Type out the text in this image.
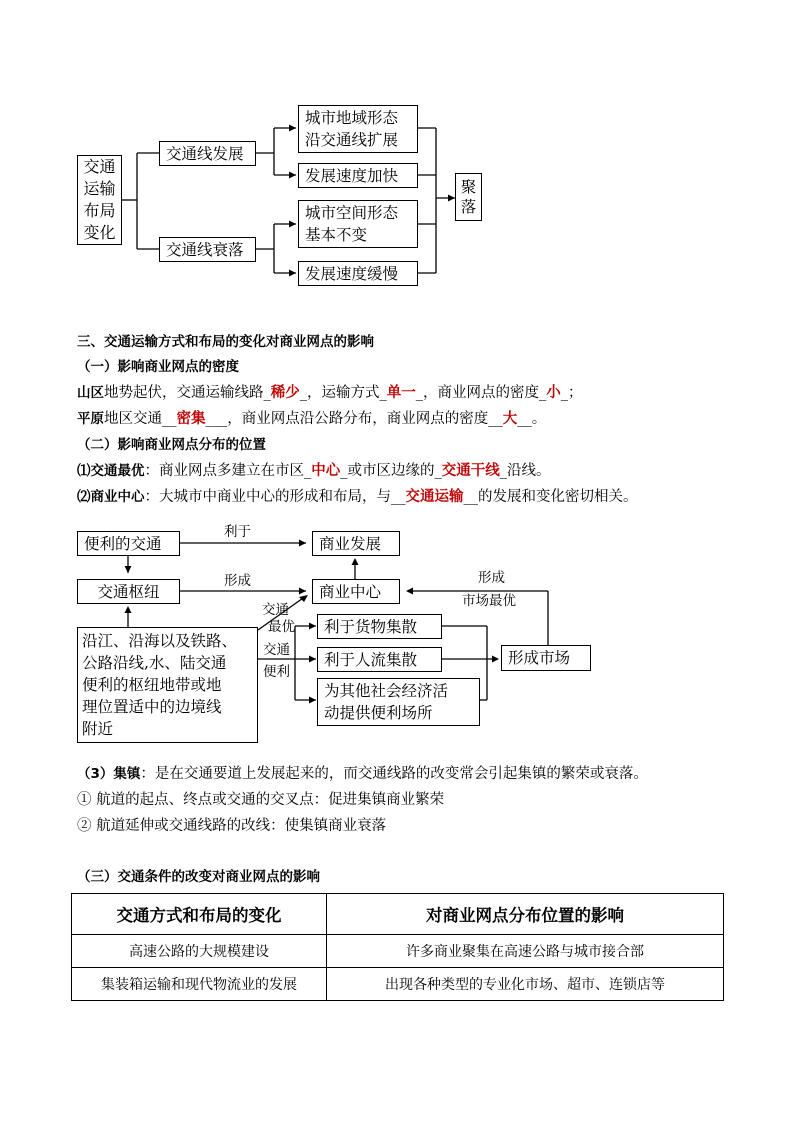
交通运输布局变化
交通线发展
交通线衰落
城市地域形态
沿交通线扩展
发展速度加快
城市空间形态
基本不变
发展速度缓慢
聚落
三、交通运输方式和布局的变化对商业网点的影响
（一）影响商业网点的密度
山区地势起伏，交通运输线路_稀少_，运输方式_单一_，商业网点的密度_小_；
平原地区交通__密集___，商业网点沿公路分布，商业网点的密度__大__。
（二）影响商业网点分布的位置
⑴交通最优：商业网点多建立在市区_中心_或市区边缘的_交通干线_沿线。
⑵商业中心：大城市中商业中心的形成和布局，与__交通运输__的发展和变化密切相关。
便利的交通
交通枢纽
商业发展
商业中心
沿江、沿海以及铁路、
公路沿线,水、陆交通
便利的枢纽地带或地
理位置适中的边境线
附近
利于货物集散
利于人流集散
为其他社会经济活
动提供便利场所
形成市场
利于
形成	形成
市场最优
交通
最优
交通
便利
（3）集镇：是在交通要道上发展起来的，而交通线路的改变常会引起集镇的繁荣或衰落。
① 航道的起点、终点或交通的交叉点：促进集镇商业繁荣
② 航道延伸或交通线路的改线：使集镇商业衰落
（三）交通条件的改变对商业网点的影响
交通方式和布局的变化	对商业网点分布位置的影响
高速公路的大规模建设	许多商业聚集在高速公路与城市接合部
集装箱运输和现代物流业的发展	出现各种类型的专业化市场、超市、连锁店等
